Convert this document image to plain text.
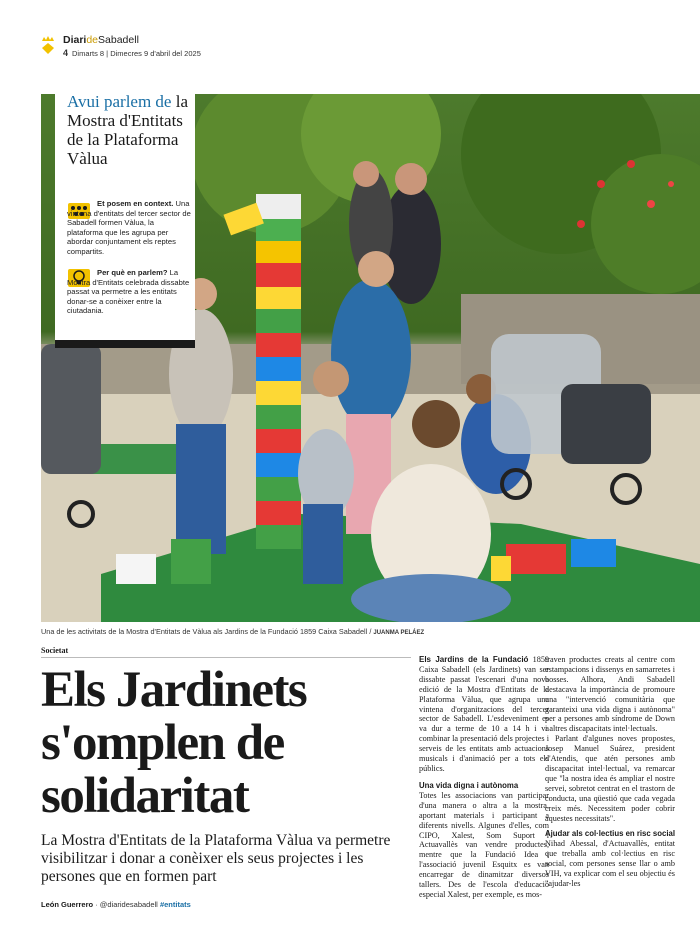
DiarideSabadell
4 Dimarts 8 | Dimecres 9 d'abril del 2025
Avui parlem de la Mostra d'Entitats de la Plataforma Vàlua
Et posem en context. Una vintena d'entitats del tercer sector de Sabadell formen Vàlua, la plataforma que les agrupa per abordar conjuntament els reptes compartits.
Per què en parlem? La Mostra d'Entitats celebrada dissabte passat va permetre a les entitats donar-se a conèixer entre la ciutadania.
Una de les activitats de la Mostra d'Entitats de Vàlua als Jardins de la Fundació 1859 Caixa Sabadell / JUANMA PELÁEZ
Societat
Els Jardinets s'omplen de solidaritat
La Mostra d'Entitats de la Plataforma Vàlua va permetre visibilitzar i donar a conèixer els seus projectes i les persones que en formen part
León Guerrero · @diaridesabadell #entitats

Els Jardins de la Fundació 1859 Caixa Sabadell (els Jardinets) van ser dissabte passat l'escenari d'una nova edició de la Mostra d'Entitats de la Plataforma Vàlua, que agrupa una vintena d'organitzacions del tercer sector de Sabadell. L'esdeveniment es va dur a terme de 10 a 14 h i va combinar la presentació dels projectes i serveis de les entitats amb actuacions musicals i d'animació per a tots els públics.

Una vida digna i autònoma

Totes les associacions van participar d'una manera o altra a la mostra, aportant materials i participant a diferents nivells. Algunes d'elles, com CIPO, Xalest, Som Suport i Actuavallès van vendre productes, mentre que la Fundació Idea i l'associació juvenil Esquitx es van encarregar de dinamitzar diversos tallers. Des de l'escola d'educació especial Xalest, per exemple, es mos-

traven productes creats al centre com estampacions i dissenys en samarretes i bosses. Alhora, Andi Sabadell destacava la importància de promoure una "intervenció comunitària que garanteixi una vida digna i autònoma" per a persones amb síndrome de Down i altres discapacitats intel·lectuals.

Parlant d'algunes noves propostes, Josep Manuel Suárez, president d'Atendis, que atén persones amb discapacitat intel·lectual, va remarcar que "la nostra idea és ampliar el nostre servei, sobretot centrat en el trastorn de conducta, una qüestió que cada vegada creix més. Necessitem poder cobrir aquestes necessitats".

Ajudar als col·lectius en risc social

Nihad Abessal, d'Actuavallès, entitat que treballa amb col·lectius en risc social, com persones sense llar o amb VIH, va explicar com el seu objectiu és "ajudar-les
